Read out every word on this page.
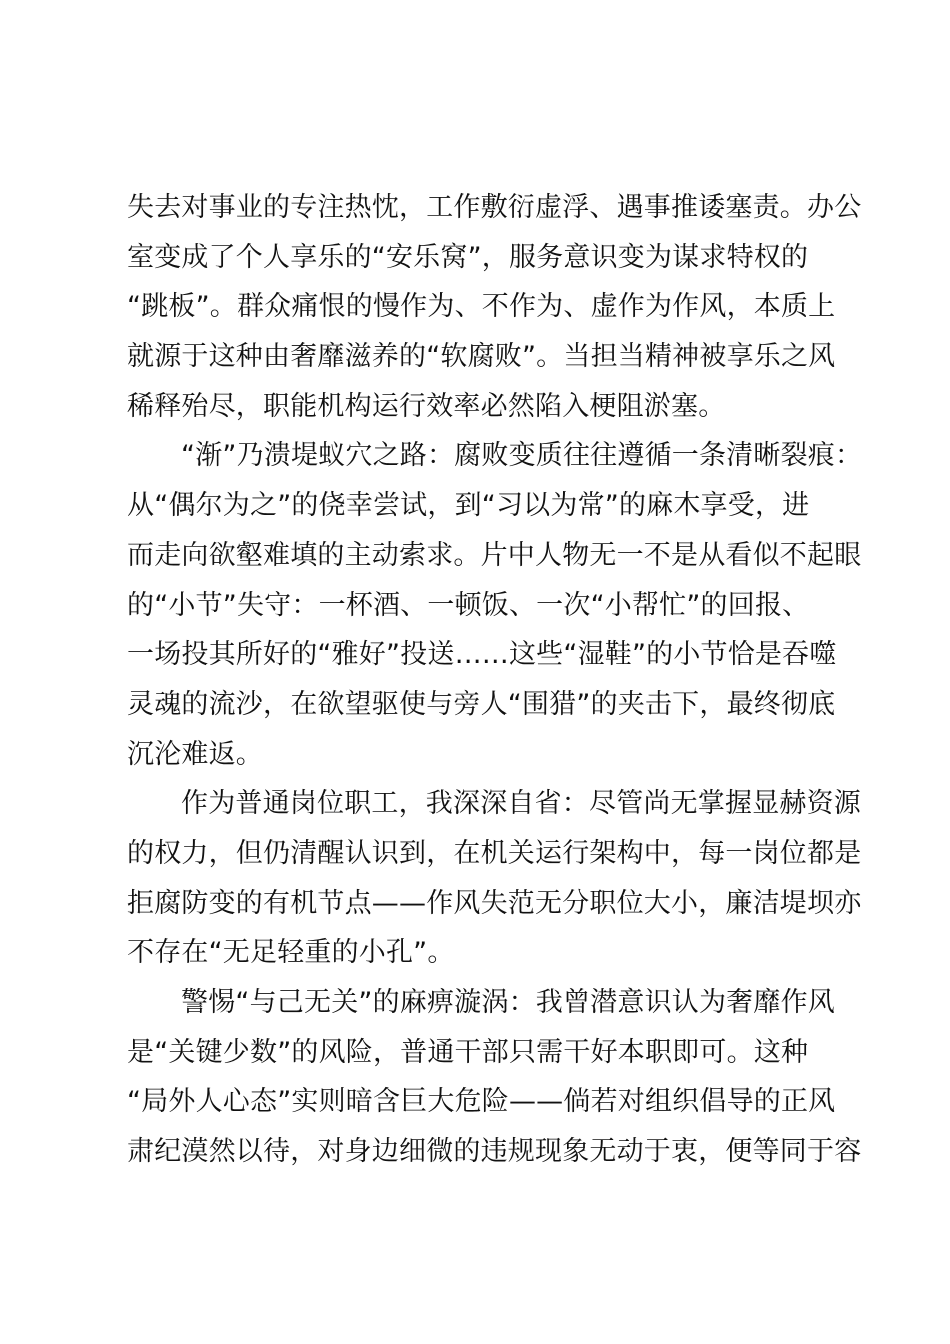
失去对事业的专注热忱，工作敷衍虚浮、遇事推诿塞责。办公
室变成了个人享乐的“安乐窝”，服务意识变为谋求特权的
“跳板”。群众痛恨的慢作为、不作为、虚作为作风，本质上
就源于这种由奢靡滋养的“软腐败”。当担当精神被享乐之风
稀释殆尽，职能机构运行效率必然陷入梗阻淤塞。
“渐”乃溃堤蚁穴之路：腐败变质往往遵循一条清晰裂痕：
从“偶尔为之”的侥幸尝试，到“习以为常”的麻木享受，进
而走向欲壑难填的主动索求。片中人物无一不是从看似不起眼
的“小节”失守：一杯酒、一顿饭、一次“小帮忙”的回报、
一场投其所好的“雅好”投送……这些“湿鞋”的小节恰是吞噬
灵魂的流沙，在欲望驱使与旁人“围猎”的夹击下，最终彻底
沉沦难返。
作为普通岗位职工，我深深自省：尽管尚无掌握显赫资源
的权力，但仍清醒认识到，在机关运行架构中，每一岗位都是
拒腐防变的有机节点——作风失范无分职位大小，廉洁堤坝亦
不存在“无足轻重的小孔”。
警惕“与己无关”的麻痹漩涡：我曾潜意识认为奢靡作风
是“关键少数”的风险，普通干部只需干好本职即可。这种
“局外人心态”实则暗含巨大危险——倘若对组织倡导的正风
肃纪漠然以待，对身边细微的违规现象无动于衷，便等同于容
